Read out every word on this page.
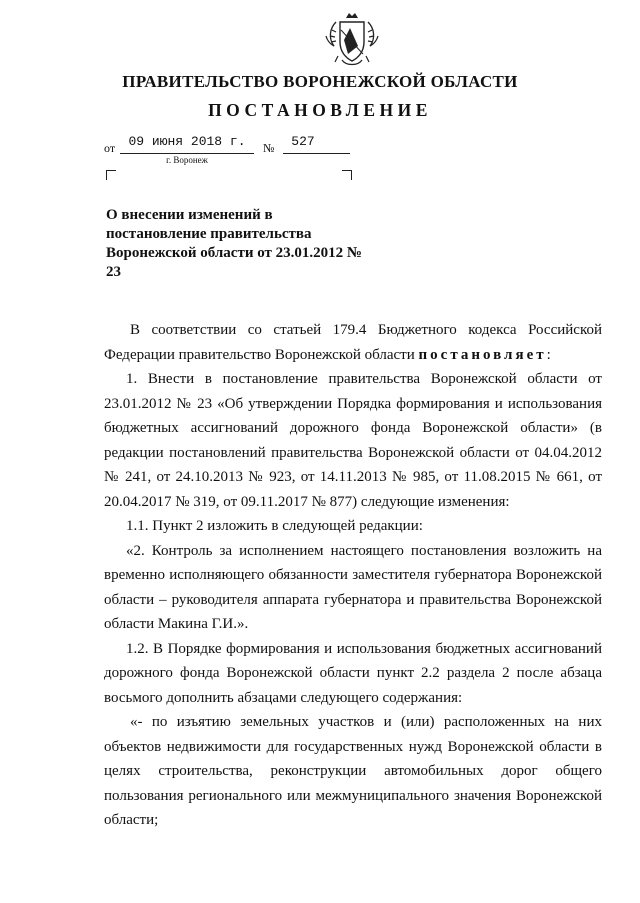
ПРАВИТЕЛЬСТВО ВОРОНЕЖСКОЙ ОБЛАСТИ
ПОСТАНОВЛЕНИЕ
от	09 июня 2018 г.	№	527
г. Воронеж
О внесении изменений в постановление правительства Воронежской области от 23.01.2012 № 23

В соответствии со статьей 179.4 Бюджетного кодекса Российской Федерации правительство Воронежской области постановляет:

1. Внести в постановление правительства Воронежской области от 23.01.2012 № 23 «Об утверждении Порядка формирования и использования бюджетных ассигнований дорожного фонда Воронежской области» (в редакции постановлений правительства Воронежской области от 04.04.2012 № 241, от 24.10.2013 № 923, от 14.11.2013 № 985, от 11.08.2015 № 661, от 20.04.2017 № 319, от 09.11.2017 № 877) следующие изменения:

1.1. Пункт 2 изложить в следующей редакции:

«2. Контроль за исполнением настоящего постановления возложить на временно исполняющего обязанности заместителя губернатора Воронежской области – руководителя аппарата губернатора и правительства Воронежской области Макина Г.И.».

1.2. В Порядке формирования и использования бюджетных ассигнований дорожного фонда Воронежской области пункт 2.2 раздела 2 после абзаца восьмого дополнить абзацами следующего содержания:

«- по изъятию земельных участков и (или) расположенных на них объектов недвижимости для государственных нужд Воронежской области в целях строительства, реконструкции автомобильных дорог общего пользования регионального или межмуниципального значения Воронежской области;
